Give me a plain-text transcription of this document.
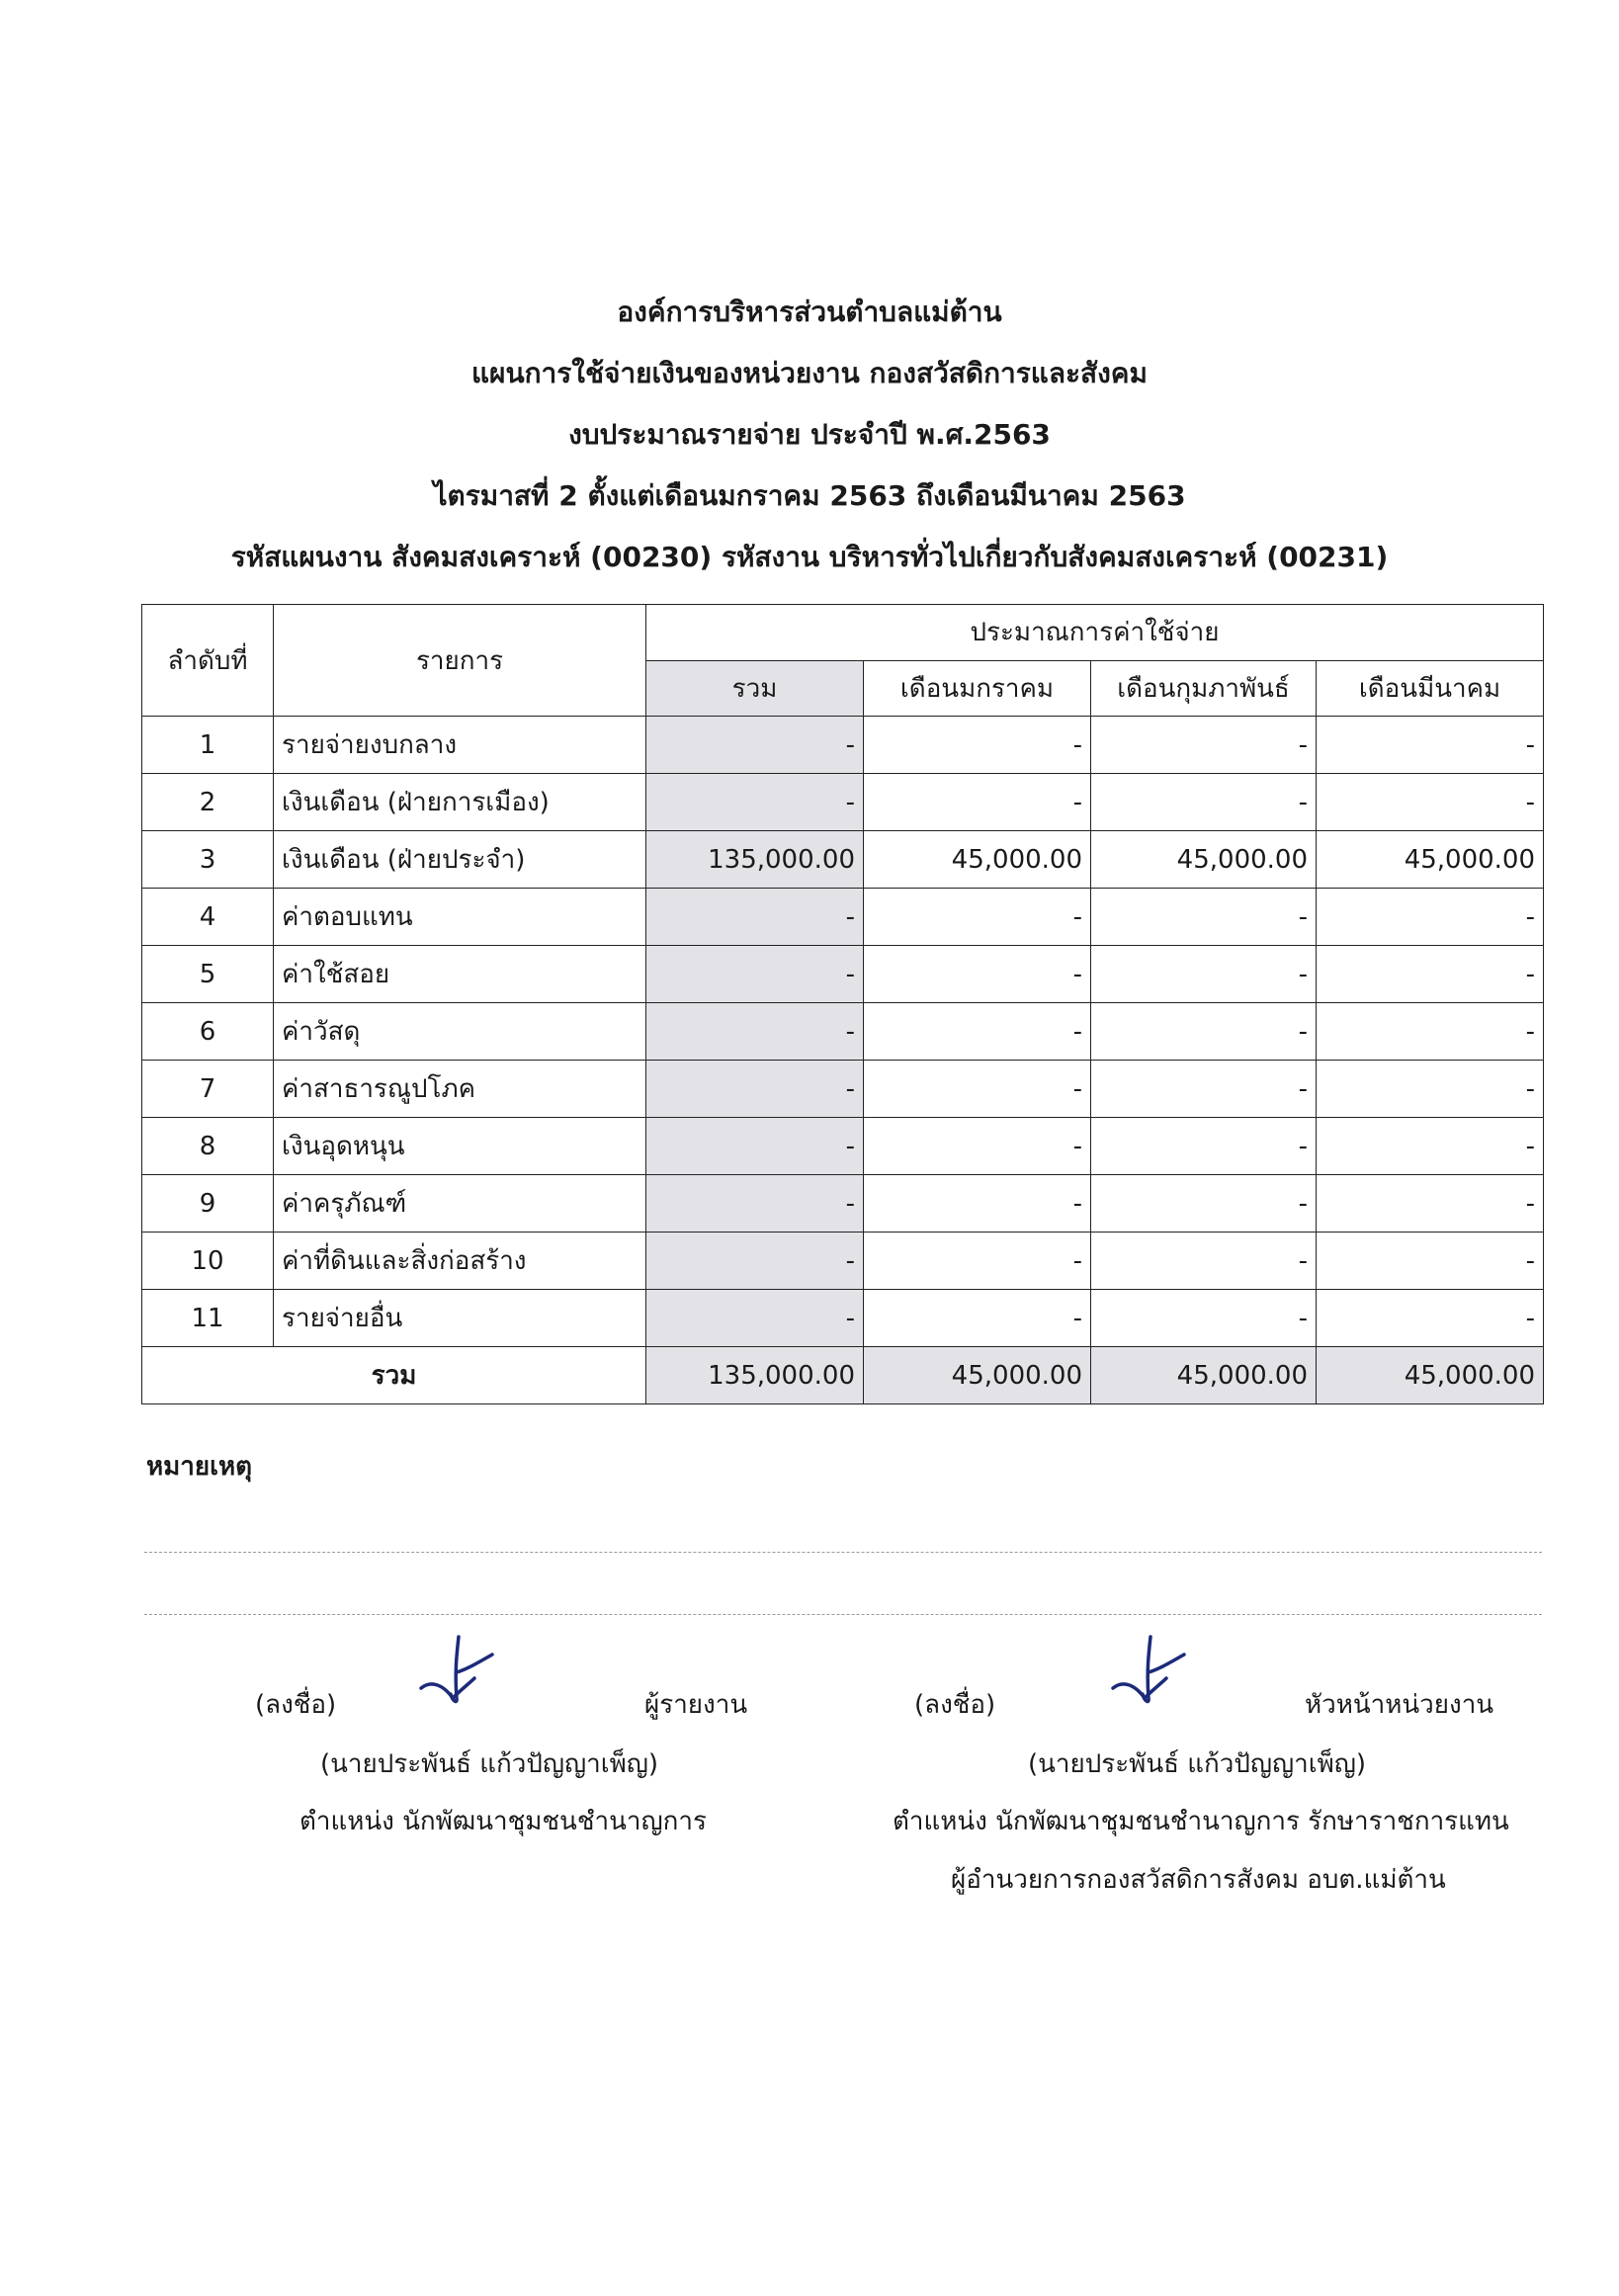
องค์การบริหารส่วนตำบลแม่ต้าน
แผนการใช้จ่ายเงินของหน่วยงาน กองสวัสดิการและสังคม
งบประมาณรายจ่าย ประจำปี พ.ศ.2563
ไตรมาสที่ 2 ตั้งแต่เดือนมกราคม 2563 ถึงเดือนมีนาคม 2563
รหัสแผนงาน สังคมสงเคราะห์ (00230) รหัสงาน บริหารทั่วไปเกี่ยวกับสังคมสงเคราะห์ (00231)
ลำดับที่	รายการ	ประมาณการค่าใช้จ่าย			
		รวม	เดือนมกราคม	เดือนกุมภาพันธ์	เดือนมีนาคม
1	รายจ่ายงบกลาง	-	-	-	-
2	เงินเดือน (ฝ่ายการเมือง)	-	-	-	-
3	เงินเดือน (ฝ่ายประจำ)	135,000.00	45,000.00	45,000.00	45,000.00
4	ค่าตอบแทน	-	-	-	-
5	ค่าใช้สอย	-	-	-	-
6	ค่าวัสดุ	-	-	-	-
7	ค่าสาธารณูปโภค	-	-	-	-
8	เงินอุดหนุน	-	-	-	-
9	ค่าครุภัณฑ์	-	-	-	-
10	ค่าที่ดินและสิ่งก่อสร้าง	-	-	-	-
11	รายจ่ายอื่น	-	-	-	-
รวม		135,000.00	45,000.00	45,000.00	45,000.00
หมายเหตุ
(ลงชื่อ)	ผู้รายงาน
(นายประพันธ์ แก้วปัญญาเพ็ญ)
ตำแหน่ง นักพัฒนาชุมชนชำนาญการ
(ลงชื่อ)	หัวหน้าหน่วยงาน
(นายประพันธ์ แก้วปัญญาเพ็ญ)
ตำแหน่ง นักพัฒนาชุมชนชำนาญการ รักษาราชการแทน
ผู้อำนวยการกองสวัสดิการสังคม อบต.แม่ต้าน
